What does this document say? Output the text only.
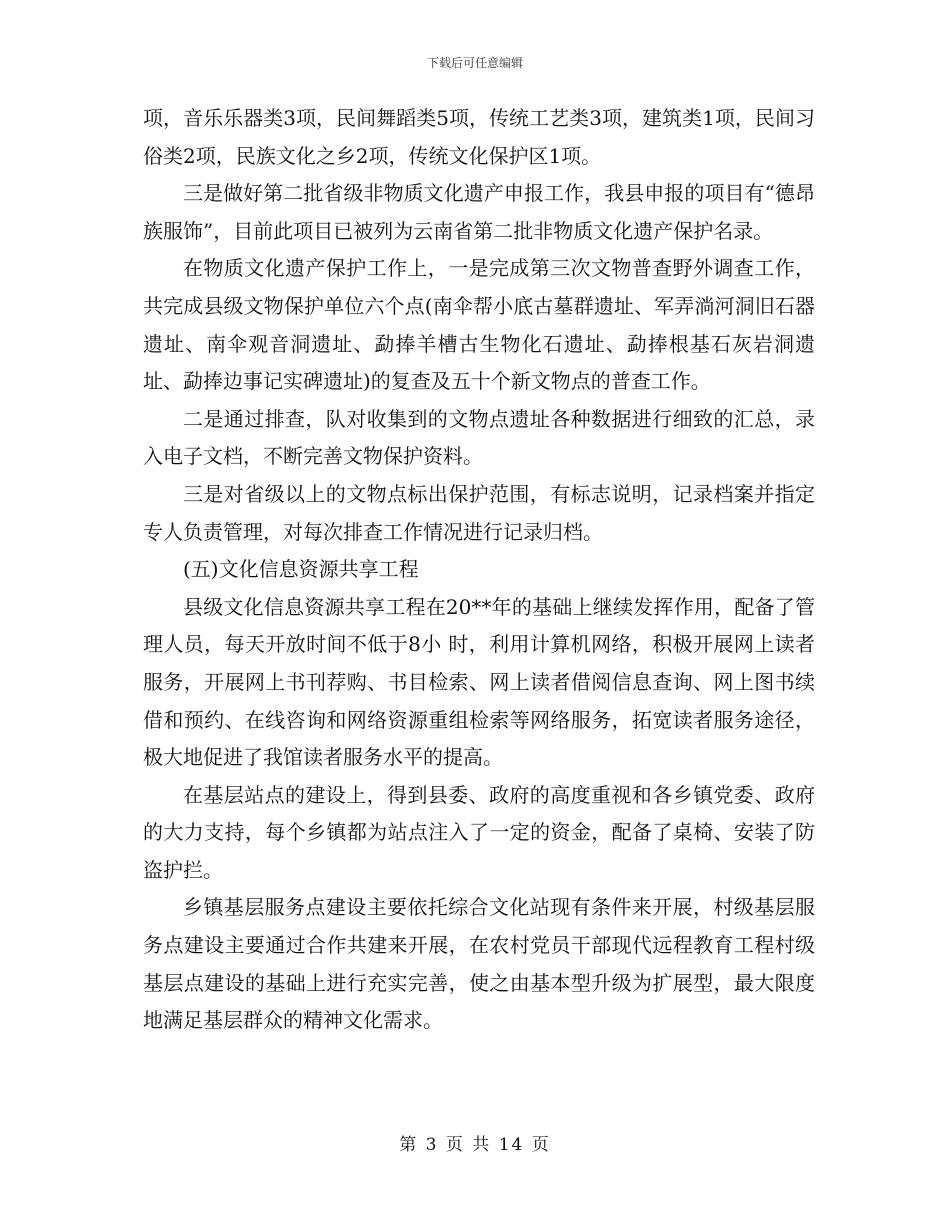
下载后可任意编辑

项，音乐乐器类3项，民间舞蹈类5项，传统工艺类3项，建筑类1项，民间习俗类2项，民族文化之乡2项，传统文化保护区1项。

三是做好第二批省级非物质文化遗产申报工作，我县申报的项目有“德昂族服饰”，目前此项目已被列为云南省第二批非物质文化遗产保护名录。

在物质文化遗产保护工作上，一是完成第三次文物普查野外调查工作，共完成县级文物保护单位六个点(南伞帮小底古墓群遗址、军弄淌河洞旧石器遗址、南伞观音洞遗址、勐捧羊槽古生物化石遗址、勐捧根基石灰岩洞遗址、勐捧边事记实碑遗址)的复查及五十个新文物点的普查工作。

二是通过排查，队对收集到的文物点遗址各种数据进行细致的汇总，录入电子文档，不断完善文物保护资料。

三是对省级以上的文物点标出保护范围，有标志说明，记录档案并指定专人负责管理，对每次排查工作情况进行记录归档。

(五)文化信息资源共享工程

县级文化信息资源共享工程在20**年的基础上继续发挥作用，配备了管理人员，每天开放时间不低于8小 时，利用计算机网络，积极开展网上读者服务，开展网上书刊荐购、书目检索、网上读者借阅信息查询、网上图书续借和预约、在线咨询和网络资源重组检索等网络服务，拓宽读者服务途径，极大地促进了我馆读者服务水平的提高。

在基层站点的建设上，得到县委、政府的高度重视和各乡镇党委、政府的大力支持，每个乡镇都为站点注入了一定的资金，配备了桌椅、安装了防盗护拦。

乡镇基层服务点建设主要依托综合文化站现有条件来开展，村级基层服务点建设主要通过合作共建来开展，在农村党员干部现代远程教育工程村级基层点建设的基础上进行充实完善，使之由基本型升级为扩展型，最大限度地满足基层群众的精神文化需求。

第 3 页 共 14 页
